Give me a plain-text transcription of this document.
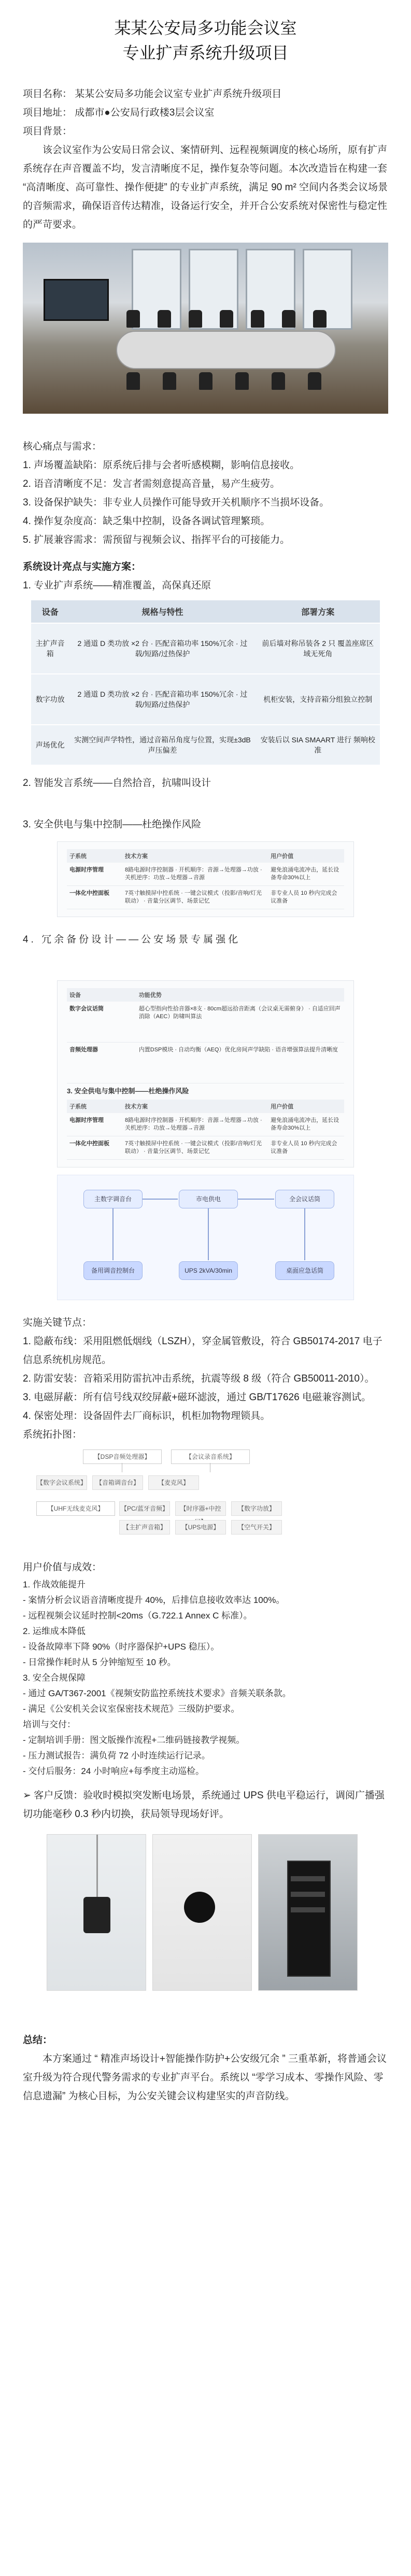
某某公安局多功能会议室
专业扩声系统升级项目

项目名称： 某某公安局多功能会议室专业扩声系统升级项目

项目地址： 成都市●公安局行政楼3层会议室

项目背景：

该会议室作为公安局日常会议、案情研判、远程视频调度的核心场所，原有扩声系统存在声音覆盖不均，发言清晰度不足，操作复杂等问题。本次改造旨在构建一套 “高清晰度、高可靠性、操作便捷” 的专业扩声系统，满足 90 m² 空间内各类会议场景的音频需求，确保语音传达精准，设备运行安全，并开合公安系统对保密性与稳定性的严苛要求。

核心痛点与需求：

1. 声场覆盖缺陷：原系统后排与会者听感模糊，影响信息接收。

2. 语音清晰度不足：发言者需刻意提高音量，易产生疲劳。

3. 设备保护缺失：非专业人员操作可能导致开关机顺序不当损坏设备。

4. 操作复杂度高：缺乏集中控制，设备各调试管理繁琐。

5. 扩展兼容需求：需预留与视频会议、指挥平台的可接能力。

系统设计亮点与实施方案：

1. 专业扩声系统——精准覆盖，高保真还原

设备	规格与特性	部署方案
主扩声音箱	2 通道 D 类功放 ×2 台 · 匹配音箱功率 150%冗余 · 过载/短路/过热保护	前后墙对称吊装各 2 只 覆盖座席区域无死角
数字功放	2 通道 D 类功放 ×2 台 · 匹配音箱功率 150%冗余 · 过载/短路/过热保护	机柜安装，支持音箱分组独立控制
声场优化	实测空间声学特性，通过音箱吊角度与位置，实现±3dB 声压偏差	安装后以 SIA SMAART 进行 频响校准

2. 智能发言系统——自然拾音，抗啸叫设计

3. 安全供电与集中控制——杜绝操作风险

子系统	技术方案	用户价值
电源时序管理	8路电源时序控制器 · 开机顺序：音源→处理器→功放 · 关机逆序：功放→处理器→音源	避免浪涌电流冲击，延长设备寿命30%以上
一体化中控面板	7英寸触摸屏中控系统 · 一键会议模式（投影/音响/灯光联动） · 音量分区调节、场景记忆	非专业人员 10 秒内完成会议准备

4. 冗余备份设计——公安场景专属强化

设备	功能优势
数字会议话筒	超心型指向性拾音器×8支 · 80cm超远拾音距离（会议桌无需俯身） · 自适应回声消除（AEC）防啸叫算法
音频处理器	内置DSP模块 · 自动均衡（AEQ）优化房间声学缺陷 · 语音增强算法提升清晰度
3. 安全供电与集中控制——杜绝操作风险
子系统	技术方案	用户价值
电源时序管理	8路电源时序控制器 · 开机顺序：音源→处理器→功放 · 关机逆序：功放→处理器→音源	避免浪涌电流冲击，延长设备寿命30%以上
一体化中控面板	7英寸触摸屏中控系统 · 一键会议模式（投影/音响/灯光联动） · 音量分区调节、场景记忆	非专业人员 10 秒内完成会议准备
主数字调音台	市电供电	全会议话筒
备用调音控制台	UPS 2kVA/30min	桌面应急话筒

实施关键节点：

1. 隐蔽布线：采用阻燃低烟线（LSZH），穿金属管敷设，符合 GB50174-2017 电子信息系统机房规范。

2. 防雷安装：音箱采用防雷抗冲击系统，抗震等级 8 级（符合 GB50011-2010）。

3. 电磁屏蔽：所有信号线双绞屏蔽+磁环滤波，通过 GB/T17626 电磁兼容测试。

4. 保密处理：设备固件去厂商标识，机柜加物物理锁具。

系统拓扑图：

【DSP音频处理器】	【会议录音系统】
【数字会议系统】	【音箱调音台】	【麦克风】
【UHF无线麦克风】	【PC/蓝牙音频】	【时序器+中控	【数字功放】
【主扩声音箱】	【UPS电源】	【空气开关】

用户价值与成效：

1. 作战效能提升

- 案情分析会议语音清晰度提升 40%，后排信息接收效率达 100%。

- 远程视频会议延时控制<20ms（G.722.1 Annex C 标准）。

2. 运维成本降低

- 设备故障率下降 90%（时序器保护+UPS 稳压）。

- 日常操作耗时从 5 分钟缩短至 10 秒。

3. 安全合规保障

- 通过 GA/T367-2001《视频安防监控系统技术要求》音频关联条款。

- 满足《公安机关会议室保密技术规范》三级防护要求。

培训与交付：

- 定制培训手册：图文版操作流程+二维码链接教学视频。

- 压力测试报告：满负荷 72 小时连续运行记录。

- 交付后服务：24 小时响应+每季度主动巡检。

➢ 客户反馈：验收时模拟突发断电场景，系统通过 UPS 供电平稳运行，调阅广播强切功能毫秒 0.3 秒内切换，获局领导现场好评。

总结：

本方案通过 “ 精准声场设计+智能操作防护+公安级冗余 ” 三重革新，将普通会议室升级为符合现代警务需求的专业扩声平台。系统以 “零学习成本、零操作风险、零信息遗漏” 为核心目标，为公安关键会议构建坚实的声音防线。
